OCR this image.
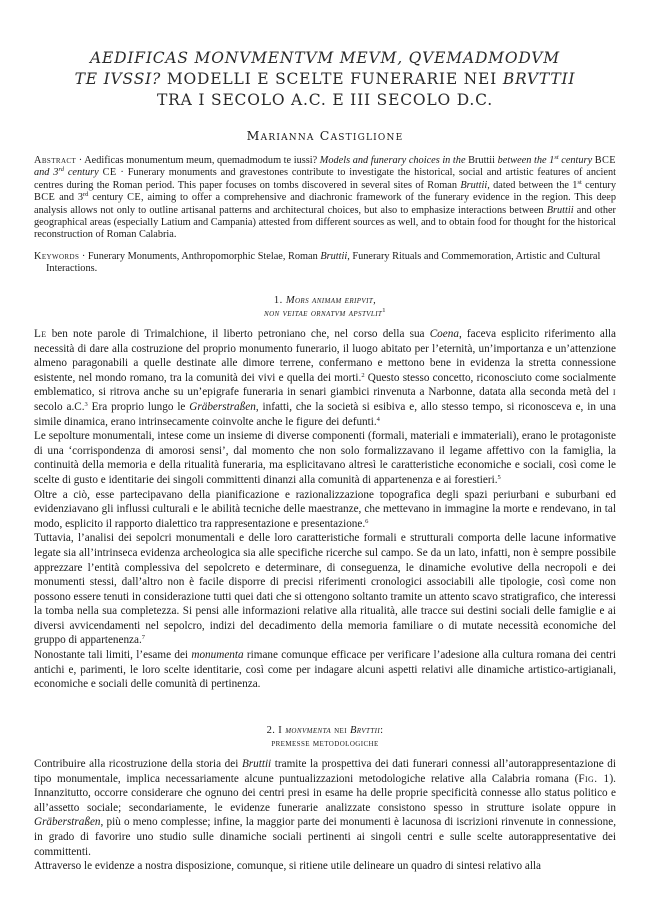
AEDIFICAS MONVMENTVM MEVM, QVEMADMODVM
TE IVSSI? MODELLI E SCELTE FUNERARIE NEI BRVTTII
TRA I SECOLO A.C. E III SECOLO D.C.
Marianna Castiglione
Abstract · Aedificas monumentum meum, quemadmodum te iussi? Models and funerary choices in the Bruttii between the 1st century BCE and 3rd century CE · Funerary monuments and gravestones contribute to investigate the historical, social and artistic features of ancient centres during the Roman period. This paper focuses on tombs discovered in several sites of Roman Bruttii, dated between the 1st century BCE and 3rd century CE, aiming to offer a comprehensive and diachronic framework of the funerary evidence in the region. This deep analysis allows not only to outline artisanal patterns and architectural choices, but also to emphasize interactions between Bruttii and other geographical areas (especially Latium and Campania) attested from different sources as well, and to obtain food for thought for the historical reconstruction of Roman Calabria.
Keywords · Funerary Monuments, Anthropomorphic Stelae, Roman Bruttii, Funerary Rituals and Commemoration, Artistic and Cultural Interactions.
1. Mors animam eripvit,
non veitae ornatvm apstvlit$^1$

Le ben note parole di Trimalchione, il liberto petroniano che, nel corso della sua Coena, faceva esplicito riferimento alla necessità di dare alla costruzione del proprio monumento funerario, il luogo abitato per l’eternità, un’importanza e un’attenzione almeno paragonabili a quelle destinate alle dimore terrene, confermano e mettono bene in evidenza la stretta connessione esistente, nel mondo romano, tra la comunità dei vivi e quella dei morti.$^2$ Questo stesso concetto, riconosciuto come socialmente emblematico, si ritrova anche su un’epigrafe funeraria in senari giambici rinvenuta a Narbonne, datata alla seconda metà del i secolo a.C.$^3$ Era proprio lungo le Gräberstraßen, infatti, che la società si esibiva e, allo stesso tempo, si riconosceva e, in una simile dinamica, erano intrinsecamente coinvolte anche le figure dei defunti.$^4$

Le sepolture monumentali, intese come un insieme di diverse componenti (formali, materiali e immateriali), erano le protagoniste di una ‘corrispondenza di amorosi sensi’, dal momento che non solo formalizzavano il legame affettivo con la famiglia, la continuità della memoria e della ritualità funeraria, ma esplicitavano altresì le caratteristiche economiche e sociali, così come le scelte di gusto e identitarie dei singoli committenti dinanzi alla comunità di appartenenza e ai forestieri.$^5$

Oltre a ciò, esse partecipavano della pianificazione e razionalizzazione topografica degli spazi periurbani e suburbani ed evidenziavano gli influssi culturali e le abilità tecniche delle maestranze, che mettevano in immagine la morte e rendevano, in tal modo, esplicito il rapporto dialettico tra rappresentazione e presentazione.$^6$

Tuttavia, l’analisi dei sepolcri monumentali e delle loro caratteristiche formali e strutturali comporta delle lacune informative legate sia all’intrinseca evidenza archeologica sia alle specifiche ricerche sul campo. Se da un lato, infatti, non è sempre possibile apprezzare l’entità complessiva del sepolcreto e determinare, di conseguenza, le dinamiche evolutive della necropoli e dei monumenti stessi, dall’altro non è facile disporre di precisi riferimenti cronologici associabili alle tipologie, così come non possono essere tenuti in considerazione tutti quei dati che si ottengono soltanto tramite un attento scavo stratigrafico, che interessi la tomba nella sua completezza. Si pensi alle informazioni relative alla ritualità, alle tracce sui destini sociali delle famiglie e ai diversi avvicendamenti nel sepolcro, indizi del decadimento della memoria familiare o di mutate necessità economiche del gruppo di appartenenza.$^7$

Nonostante tali limiti, l’esame dei monumenta rimane comunque efficace per verificare l’adesione alla cultura romana dei centri antichi e, parimenti, le loro scelte identitarie, così come per indagare alcuni aspetti relativi alle dinamiche artistico-artigianali, economiche e sociali delle comunità di pertinenza.

2. I monvmenta nei Brvttii:
premesse metodologiche

Contribuire alla ricostruzione della storia dei Bruttii tramite la prospettiva dei dati funerari connessi all’autorappresentazione di tipo monumentale, implica necessariamente alcune puntualizzazioni metodologiche relative alla Calabria romana (Fig. 1). Innanzitutto, occorre considerare che ognuno dei centri presi in esame ha delle proprie specificità connesse allo status politico e all’assetto sociale; secondariamente, le evidenze funerarie analizzate consistono spesso in strutture isolate oppure in Gräberstraßen, più o meno complesse; infine, la maggior parte dei monumenti è lacunosa di iscrizioni rinvenute in connessione, in grado di favorire uno studio sulle dinamiche sociali pertinenti ai singoli centri e sulle scelte autorappresentative dei committenti.

Attraverso le evidenze a nostra disposizione, comunque, si ritiene utile delineare un quadro di sintesi relativo alla
